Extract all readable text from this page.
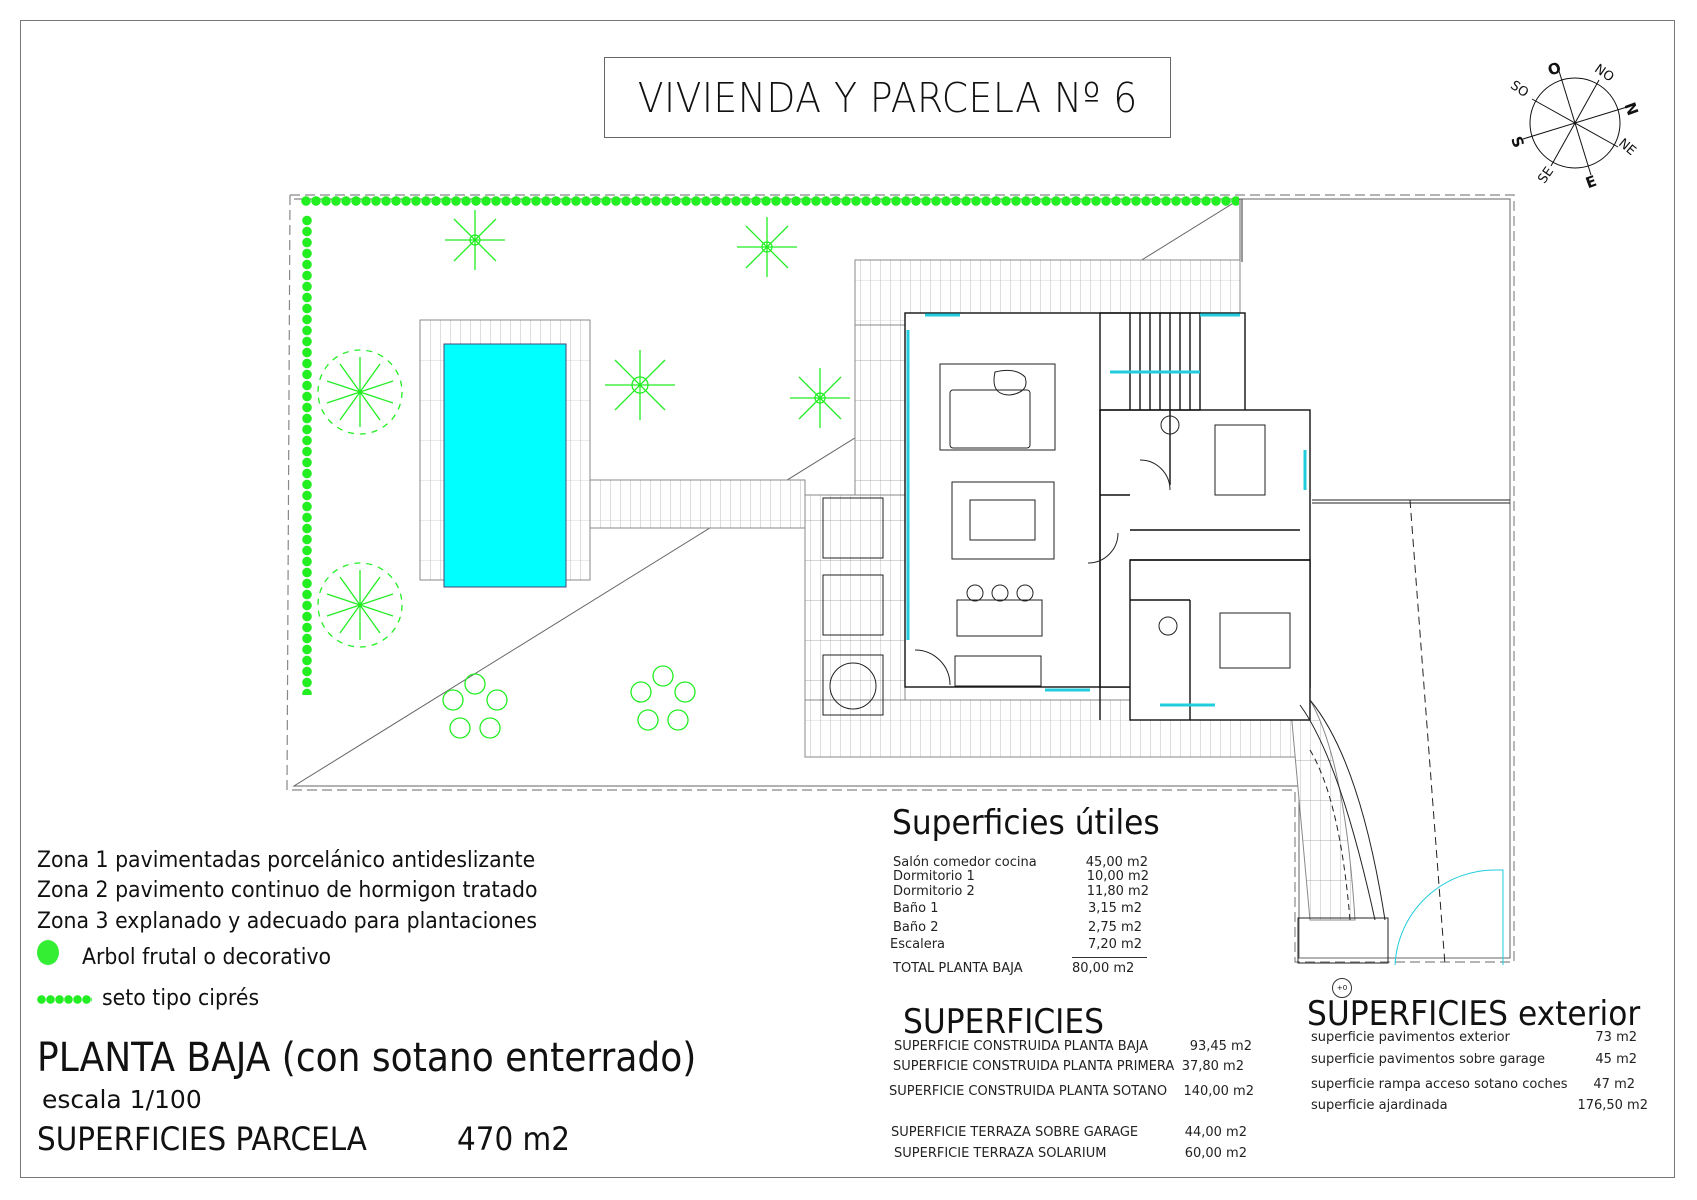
VIVIENDA Y PARCELA Nº 6
O NO
N
NE
E
SE
S
SO
+0
Zona 1 pavimentadas porcelánico antideslizante
Zona 2 pavimento continuo de hormigon tratado
Zona 3 explanado y adecuado para plantaciones
Arbol frutal o decorativo
seto tipo ciprés
PLANTA BAJA (con sotano enterrado)
escala 1/100
SUPERFICIES PARCELA	470 m2
Superficies útiles
Salón comedor cocina	45,00 m2
Dormitorio 1	10,00 m2
Dormitorio 2	11,80 m2
Baño 1	3,15 m2
Baño 2	2,75 m2
Escalera	7,20 m2
TOTAL PLANTA BAJA	80,00 m2
SUPERFICIES
SUPERFICIE CONSTRUIDA PLANTA BAJA	93,45 m2
SUPERFICIE CONSTRUIDA PLANTA PRIMERA 37,80 m2
SUPERFICIE CONSTRUIDA PLANTA SOTANO	140,00 m2
SUPERFICIE TERRAZA SOBRE GARAGE	44,00 m2
SUPERFICIE TERRAZA SOLARIUM	60,00 m2
SUPERFICIES exterior
superficie pavimentos exterior	73 m2
superficie pavimentos sobre garage	45 m2
superficie rampa acceso sotano coches	47 m2
superficie ajardinada	176,50 m2
